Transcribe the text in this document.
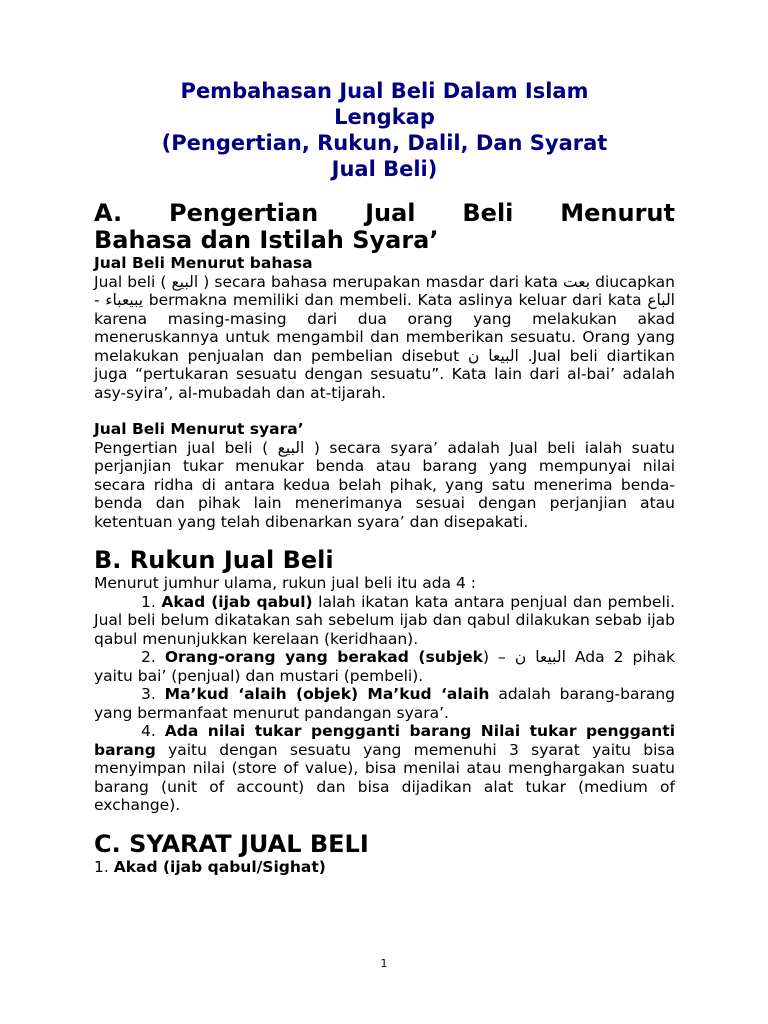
Pembahasan Jual Beli Dalam Islam
Lengkap
(Pengertian, Rukun, Dalil, Dan Syarat
Jual Beli)
A. Pengertian Jual Beli Menurut
Bahasa dan Istilah Syara’
Jual Beli Menurut bahasa

Jual beli ( البيع ) secara bahasa merupakan masdar dari kata بعت diucapkan - يبيعباء bermakna memiliki dan membeli. Kata aslinya keluar dari kata الباع karena masing-masing dari dua orang yang melakukan akad meneruskannya untuk mengambil dan memberikan sesuatu. Orang yang melakukan penjualan dan pembelian disebut البيعا ن .Jual beli diartikan juga “pertukaran sesuatu dengan sesuatu”. Kata lain dari al-bai’ adalah asy-syira’, al-mubadah dan at-tijarah.

Jual Beli Menurut syara’

Pengertian jual beli ( البيع ) secara syara’ adalah Jual beli ialah suatu perjanjian tukar menukar benda atau barang yang mempunyai nilai secara ridha di antara kedua belah pihak, yang satu menerima benda-benda dan pihak lain menerimanya sesuai dengan perjanjian atau ketentuan yang telah dibenarkan syara’ dan disepakati.

B. Rukun Jual Beli

Menurut jumhur ulama, rukun jual beli itu ada 4 :

1. Akad (ijab qabul) lalah ikatan kata antara penjual dan pembeli. Jual beli belum dikatakan sah sebelum ijab dan qabul dilakukan sebab ijab qabul menunjukkan kerelaan (keridhaan).

2. Orang-orang yang berakad (subjek) – البيعا ن Ada 2 pihak yaitu bai’ (penjual) dan mustari (pembeli).

3. Ma’kud ‘alaih (objek) Ma’kud ‘alaih adalah barang-barang yang bermanfaat menurut pandangan syara’.

4. Ada nilai tukar pengganti barang Nilai tukar pengganti barang yaitu dengan sesuatu yang memenuhi 3 syarat yaitu bisa menyimpan nilai (store of value), bisa menilai atau menghargakan suatu barang (unit of account) dan bisa dijadikan alat tukar (medium of exchange).

C. SYARAT JUAL BELI

1. Akad (ijab qabul/Sighat)

1
